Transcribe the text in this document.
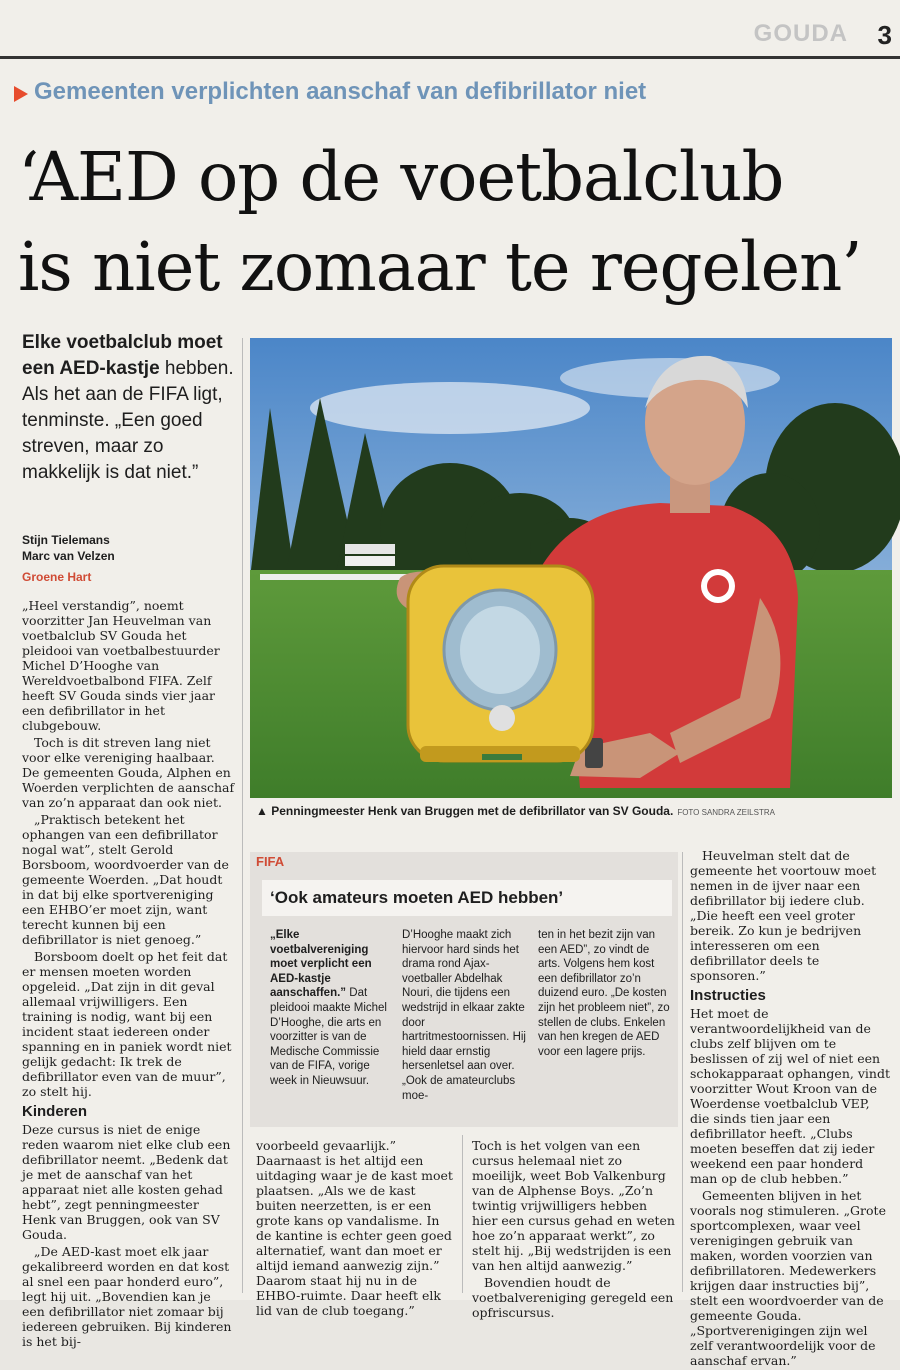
GOUDA 3
Gemeenten verplichten aanschaf van defibrillator niet
‘AED op de voetbalclub
is niet zomaar te regelen’
Elke voetbalclub moet een AED-kastje hebben. Als het aan de FIFA ligt, tenminste. „Een goed streven, maar zo makkelijk is dat niet.”
Stijn Tielemans
Marc van Velzen
Groene Hart

„Heel verstandig”, noemt voorzitter Jan Heuvelman van voetbalclub SV Gouda het pleidooi van voetbalbestuurder Michel D’Hooghe van Wereldvoetbalbond FIFA. Zelf heeft SV Gouda sinds vier jaar een defibrillator in het clubgebouw.

Toch is dit streven lang niet voor elke vereniging haalbaar. De gemeenten Gouda, Alphen en Woerden verplichten de aanschaf van zo’n apparaat dan ook niet.

„Praktisch betekent het ophangen van een defibrillator nogal wat”, stelt Gerold Borsboom, woordvoerder van de gemeente Woerden. „Dat houdt in dat bij elke sportvereniging een EHBO’er moet zijn, want terecht kunnen bij een defibrillator is niet genoeg.”

Borsboom doelt op het feit dat er mensen moeten worden opgeleid. „Dat zijn in dit geval allemaal vrijwilligers. Een training is nodig, want bij een incident staat iedereen onder spanning en in paniek wordt niet gelijk gedacht: Ik trek de defibrillator even van de muur”, zo stelt hij.

Kinderen

Deze cursus is niet de enige reden waarom niet elke club een defibrillator neemt. „Bedenk dat je met de aanschaf van het apparaat niet alle kosten gehad hebt”, zegt penningmeester Henk van Bruggen, ook van SV Gouda.

„De AED-kast moet elk jaar gekalibreerd worden en dat kost al snel een paar honderd euro”, legt hij uit. „Bovendien kan je een defibrillator niet zomaar bij iedereen gebruiken. Bij kinderen is het bij-

▲ Penningmeester Henk van Bruggen met de defibrillator van SV Gouda. FOTO SANDRA ZEILSTRA
FIFA
‘Ook amateurs moeten AED hebben’
„Elke voetbalvereniging moet verplicht een AED-kastje aanschaffen.” Dat pleidooi maakte Michel D’Hooghe, die arts en voorzitter is van de Medische Commissie van de FIFA, vorige week in Nieuwsuur.
D’Hooghe maakt zich hiervoor hard sinds het drama rond Ajax-voetballer Abdelhak Nouri, die tijdens een wedstrijd in elkaar zakte door hartritmestoornissen. Hij hield daar ernstig hersenletsel aan over. „Ook de amateurclubs moe-
ten in het bezit zijn van een AED”, zo vindt de arts. Volgens hem kost een defibrillator zo’n duizend euro. „De kosten zijn het probleem niet”, zo stellen de clubs. Enkelen van hen kregen de AED voor een lagere prijs.

voorbeeld gevaarlijk.” Daarnaast is het altijd een uitdaging waar je de kast moet plaatsen. „Als we de kast buiten neerzetten, is er een grote kans op vandalisme. In de kantine is echter geen goed alternatief, want dan moet er altijd iemand aanwezig zijn.” Daarom staat hij nu in de EHBO-ruimte. Daar heeft elk lid van de club toegang.”

Toch is het volgen van een cursus helemaal niet zo moeilijk, weet Bob Valkenburg van de Alphense Boys. „Zo’n twintig vrijwilligers hebben hier een cursus gehad en weten hoe zo’n apparaat werkt”, zo stelt hij. „Bij wedstrijden is een van hen altijd aanwezig.”

Bovendien houdt de voetbalvereniging geregeld een opfriscursus.

Heuvelman stelt dat de gemeente het voortouw moet nemen in de ijver naar een defibrillator bij iedere club. „Die heeft een veel groter bereik. Zo kun je bedrijven interesseren om een defibrillator deels te sponsoren.”

Instructies

Het moet de verantwoordelijkheid van de clubs zelf blijven om te beslissen of zij wel of niet een schokapparaat ophangen, vindt voorzitter Wout Kroon van de Woerdense voetbalclub VEP, die sinds tien jaar een defibrillator heeft. „Clubs moeten beseffen dat zij ieder weekend een paar honderd man op de club hebben.”

Gemeenten blijven in het voorals nog stimuleren. „Grote sportcomplexen, waar veel verenigingen gebruik van maken, worden voorzien van defibrillatoren. Medewerkers krijgen daar instructies bij”, stelt een woordvoerder van de gemeente Gouda. „Sportverenigingen zijn wel zelf verantwoordelijk voor de aanschaf ervan.”
